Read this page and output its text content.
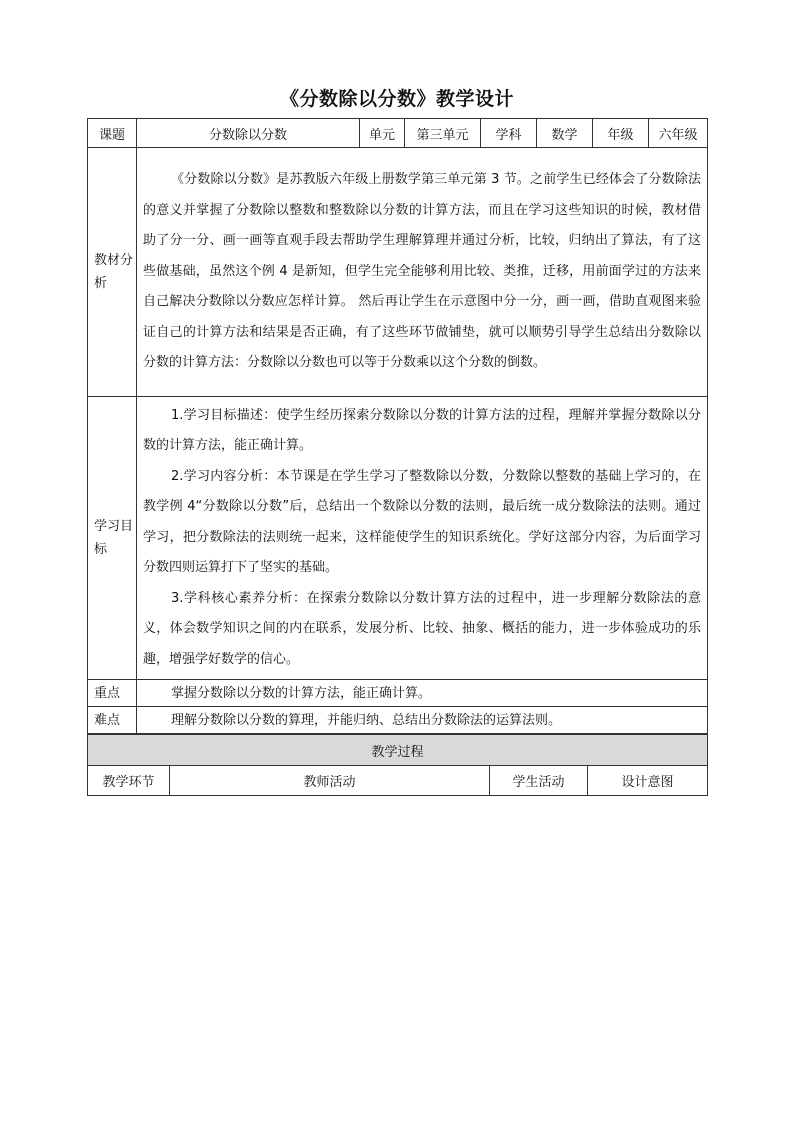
《分数除以分数》教学设计
课题	分数除以分数	单元	第三单元	学科	数学	年级	六年级
教材分析	《分数除以分数》是苏教版六年级上册数学第三单元第 3 节。之前学生已经体会了分数除法的意义并掌握了分数除以整数和整数除以分数的计算方法，而且在学习这些知识的时候，教材借助了分一分、画一画等直观手段去帮助学生理解算理并通过分析，比较，归纳出了算法，有了这些做基础，虽然这个例 4 是新知，但学生完全能够利用比较、类推，迁移，用前面学过的方法来自己解决分数除以分数应怎样计算。 然后再让学生在示意图中分一分，画一画，借助直观图来验证自己的计算方法和结果是否正确，有了这些环节做铺垫，就可以顺势引导学生总结出分数除以分数的计算方法：分数除以分数也可以等于分数乘以这个分数的倒数。						

学习目标	1.学习目标描述：使学生经历探索分数除以分数的计算方法的过程，理解并掌握分数除以分数的计算方法，能正确计算。

2.学习内容分析：本节课是在学生学习了整数除以分数，分数除以整数的基础上学习的，在教学例 4“分数除以分数”后，总结出一个数除以分数的法则，最后统一成分数除法的法则。通过学习，把分数除法的法则统一起来，这样能使学生的知识系统化。学好这部分内容，为后面学习分数四则运算打下了坚实的基础。

3.学科核心素养分析：在探索分数除以分数计算方法的过程中，进一步理解分数除法的意义，体会数学知识之间的内在联系，发展分析、比较、抽象、概括的能力，进一步体验成功的乐趣，增强学好数学的信心。						

重点	掌握分数除以分数的计算方法，能正确计算。						
难点	理解分数除以分数的算理，并能归纳、总结出分数除法的运算法则。						
教学过程
教学环节	教师活动	学生活动	设计意图
